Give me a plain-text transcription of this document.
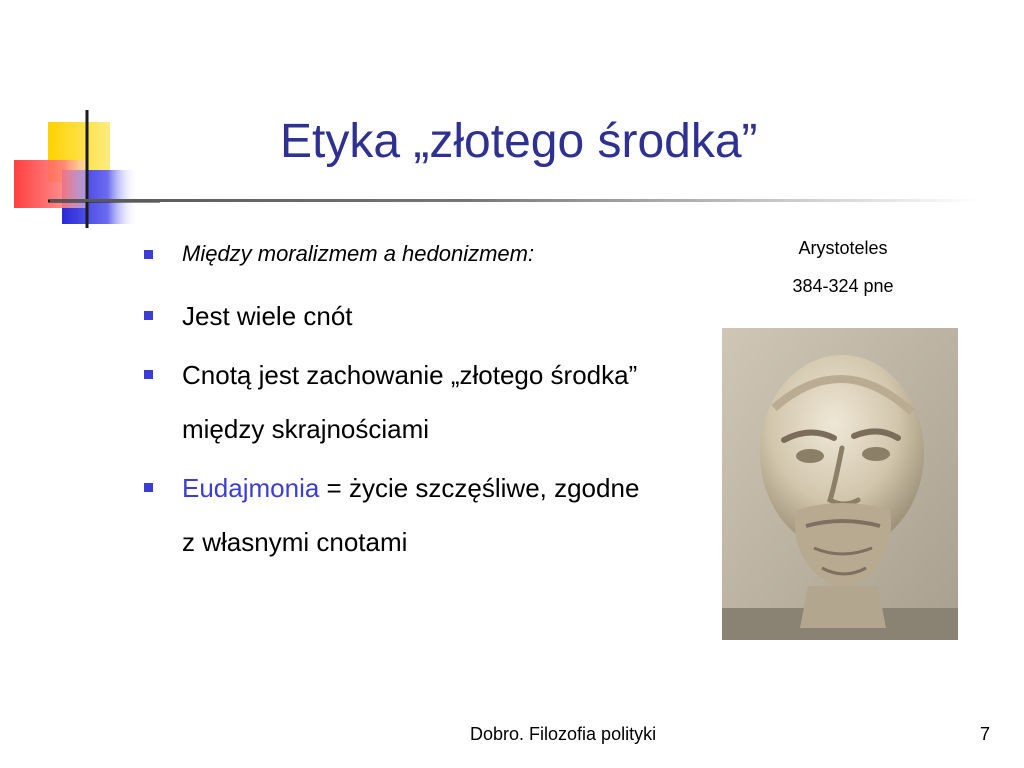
Etyka „złotego środka”
Między moralizmem a hedonizmem:
Jest wiele cnót
Cnotą jest zachowanie „złotego środka” między skrajnościami
Eudajmonia = życie szczęśliwe, zgodne z własnymi cnotami
Arystoteles
384-324 pne
Dobro. Filozofia polityki	7
